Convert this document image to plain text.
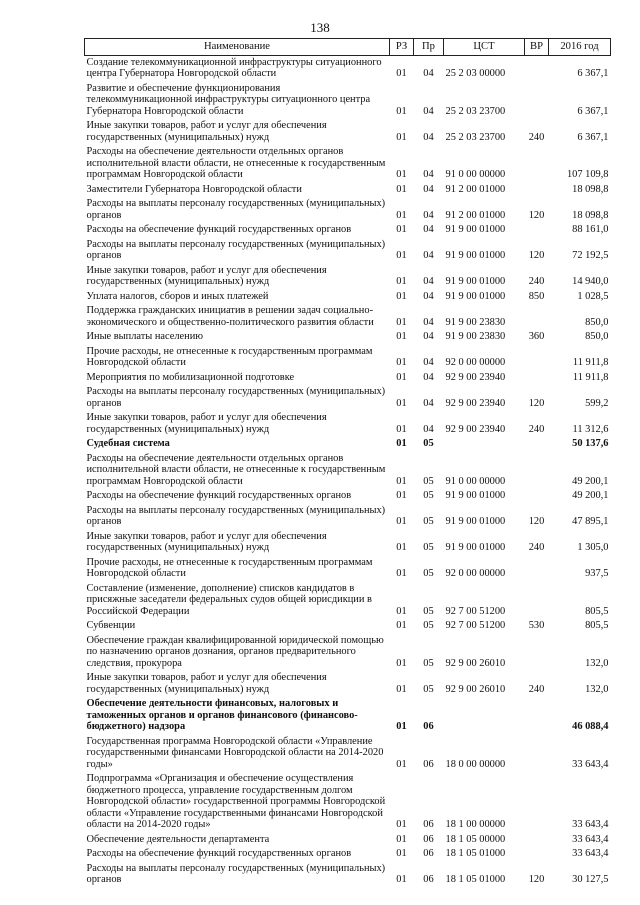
138
Наименование	РЗ	Пр	ЦСТ	ВР	2016 год
Создание телекоммуникационной инфраструктуры ситуационного центра Губернатора Новгородской области	01	04	25 2 03 00000		6 367,1
Развитие и обеспечение функционирования телекоммуникационной инфраструктуры ситуационного центра Губернатора Новгородской области	01	04	25 2 03 23700		6 367,1
Иные закупки товаров, работ и услуг для обеспечения государственных (муниципальных) нужд	01	04	25 2 03 23700	240	6 367,1
Расходы на обеспечение деятельности отдельных органов исполнительной власти области, не отнесенные к государственным программам Новгородской области	01	04	91 0 00 00000		107 109,8
Заместители Губернатора Новгородской области	01	04	91 2 00 01000		18 098,8
Расходы на выплаты персоналу государственных (муниципальных) органов	01	04	91 2 00 01000	120	18 098,8
Расходы на обеспечение функций государственных органов	01	04	91 9 00 01000		88 161,0
Расходы на выплаты персоналу государственных (муниципальных) органов	01	04	91 9 00 01000	120	72 192,5
Иные закупки товаров, работ и услуг для обеспечения государственных (муниципальных) нужд	01	04	91 9 00 01000	240	14 940,0
Уплата налогов, сборов и иных платежей	01	04	91 9 00 01000	850	1 028,5
Поддержка гражданских инициатив в решении задач социально-экономического и общественно-политического развития области	01	04	91 9 00 23830		850,0
Иные выплаты населению	01	04	91 9 00 23830	360	850,0
Прочие расходы, не отнесенные к государственным программам Новгородской области	01	04	92 0 00 00000		11 911,8
Мероприятия по мобилизационной подготовке	01	04	92 9 00 23940		11 911,8
Расходы на выплаты персоналу государственных (муниципальных) органов	01	04	92 9 00 23940	120	599,2
Иные закупки товаров, работ и услуг для обеспечения государственных (муниципальных) нужд	01	04	92 9 00 23940	240	11 312,6
Судебная система	01	05			50 137,6
Расходы на обеспечение деятельности отдельных органов исполнительной власти области, не отнесенные к государственным программам Новгородской области	01	05	91 0 00 00000		49 200,1
Расходы на обеспечение функций государственных органов	01	05	91 9 00 01000		49 200,1
Расходы на выплаты персоналу государственных (муниципальных) органов	01	05	91 9 00 01000	120	47 895,1
Иные закупки товаров, работ и услуг для обеспечения государственных (муниципальных) нужд	01	05	91 9 00 01000	240	1 305,0
Прочие расходы, не отнесенные к государственным программам Новгородской области	01	05	92 0 00 00000		937,5
Составление (изменение, дополнение) списков кандидатов в присяжные заседатели федеральных судов общей юрисдикции в Российской Федерации	01	05	92 7 00 51200		805,5
Субвенции	01	05	92 7 00 51200	530	805,5
Обеспечение граждан квалифицированной юридической помощью по назначению органов дознания, органов предварительного следствия, прокурора	01	05	92 9 00 26010		132,0
Иные закупки товаров, работ и услуг для обеспечения государственных (муниципальных) нужд	01	05	92 9 00 26010	240	132,0
Обеспечение деятельности финансовых, налоговых и таможенных органов и органов финансового (финансово-бюджетного) надзора	01	06			46 088,4
Государственная программа Новгородской области «Управление государственными финансами Новгородской области на 2014-2020 годы»	01	06	18 0 00 00000		33 643,4
Подпрограмма «Организация и обеспечение осуществления бюджетного процесса, управление государственным долгом Новгородской области» государственной программы Новгородской области «Управление государственными финансами Новгородской области на 2014-2020 годы»	01	06	18 1 00 00000		33 643,4
Обеспечение деятельности департамента	01	06	18 1 05 00000		33 643,4
Расходы на обеспечение функций государственных органов	01	06	18 1 05 01000		33 643,4
Расходы на выплаты персоналу государственных (муниципальных) органов	01	06	18 1 05 01000	120	30 127,5
